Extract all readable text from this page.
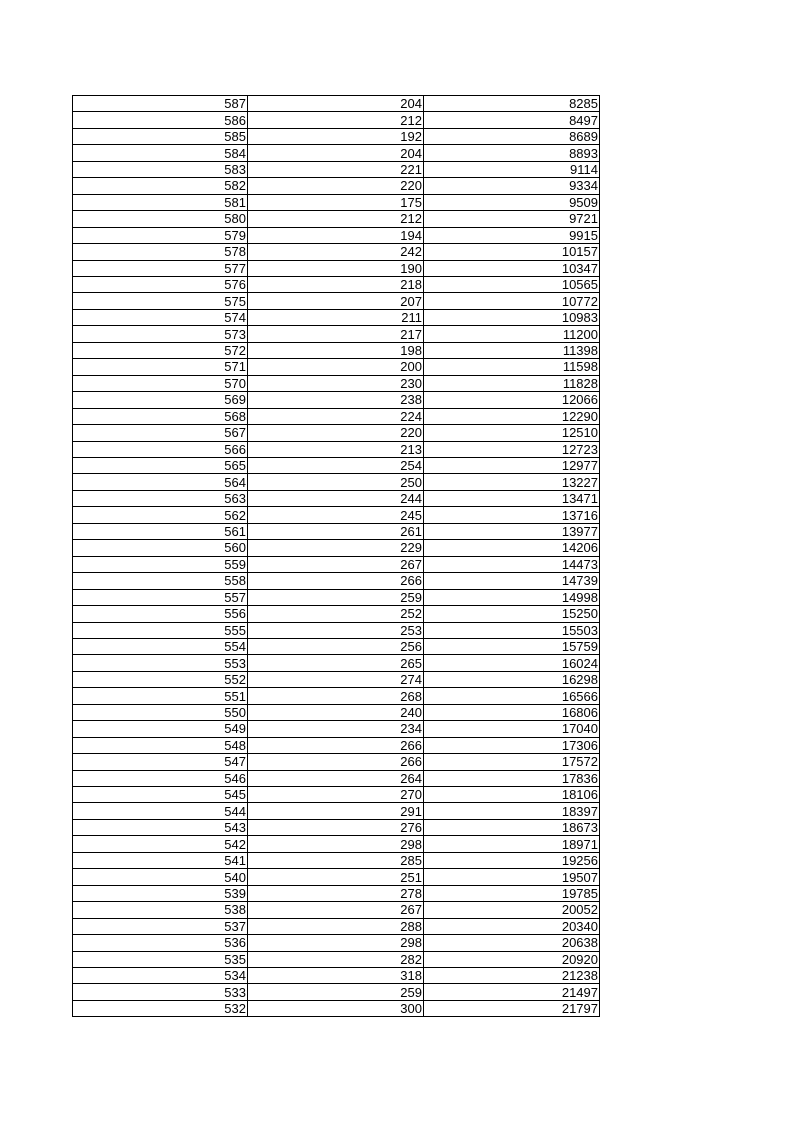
587	204	8285
586	212	8497
585	192	8689
584	204	8893
583	221	9114
582	220	9334
581	175	9509
580	212	9721
579	194	9915
578	242	10157
577	190	10347
576	218	10565
575	207	10772
574	211	10983
573	217	11200
572	198	11398
571	200	11598
570	230	11828
569	238	12066
568	224	12290
567	220	12510
566	213	12723
565	254	12977
564	250	13227
563	244	13471
562	245	13716
561	261	13977
560	229	14206
559	267	14473
558	266	14739
557	259	14998
556	252	15250
555	253	15503
554	256	15759
553	265	16024
552	274	16298
551	268	16566
550	240	16806
549	234	17040
548	266	17306
547	266	17572
546	264	17836
545	270	18106
544	291	18397
543	276	18673
542	298	18971
541	285	19256
540	251	19507
539	278	19785
538	267	20052
537	288	20340
536	298	20638
535	282	20920
534	318	21238
533	259	21497
532	300	21797
